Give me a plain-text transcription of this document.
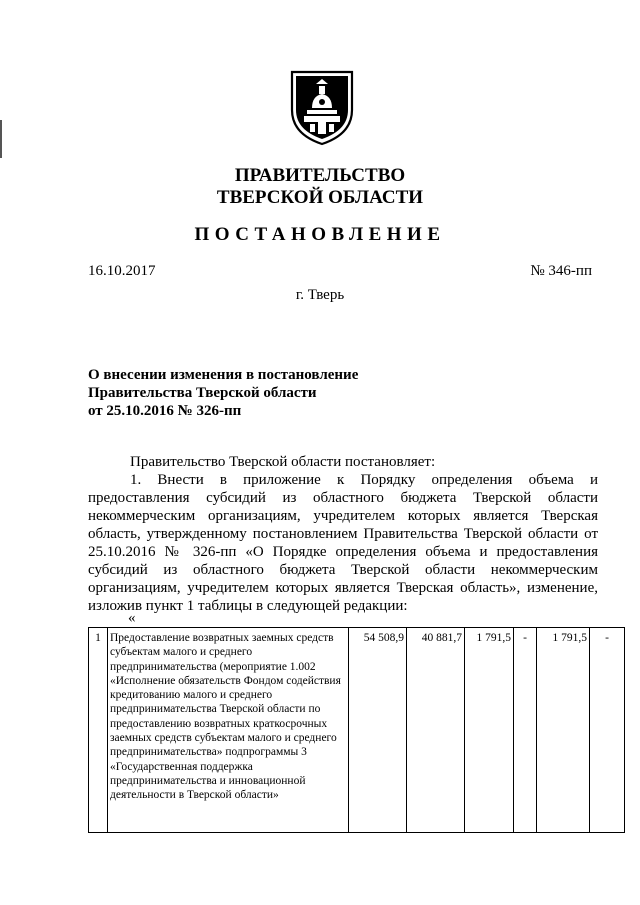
ПРАВИТЕЛЬСТВО
ТВЕРСКОЙ ОБЛАСТИ
ПОСТАНОВЛЕНИЕ
16.10.2017	№ 346-пп
г. Тверь
О внесении изменения в постановление
Правительства Тверской области
от 25.10.2016 № 326-пп

Правительство Тверской области постановляет:

1. Внести в приложение к Порядку определения объема и предоставления субсидий из областного бюджета Тверской области некоммерческим организациям, учредителем которых является Тверская область, утвержденному постановлением Правительства Тверской области от 25.10.2016 № 326-пп «О Порядке определения объема и предоставления субсидий из областного бюджета Тверской области некоммерческим организациям, учредителем которых является Тверская область», изменение, изложив пункт 1 таблицы в следующей редакции:

«
1	Предоставление возвратных заемных средств субъектам малого и среднего предпринимательства (мероприятие 1.002 «Исполнение обязательств Фондом содействия кредитованию малого и среднего предпринимательства Тверской области по предоставлению возвратных краткосрочных заемных средств субъектам малого и среднего предпринимательства» подпрограммы 3 «Государственная поддержка предпринимательства и инновационной деятельности в Тверской области»	54 508,9	40 881,7	1 791,5	-	1 791,5	-
